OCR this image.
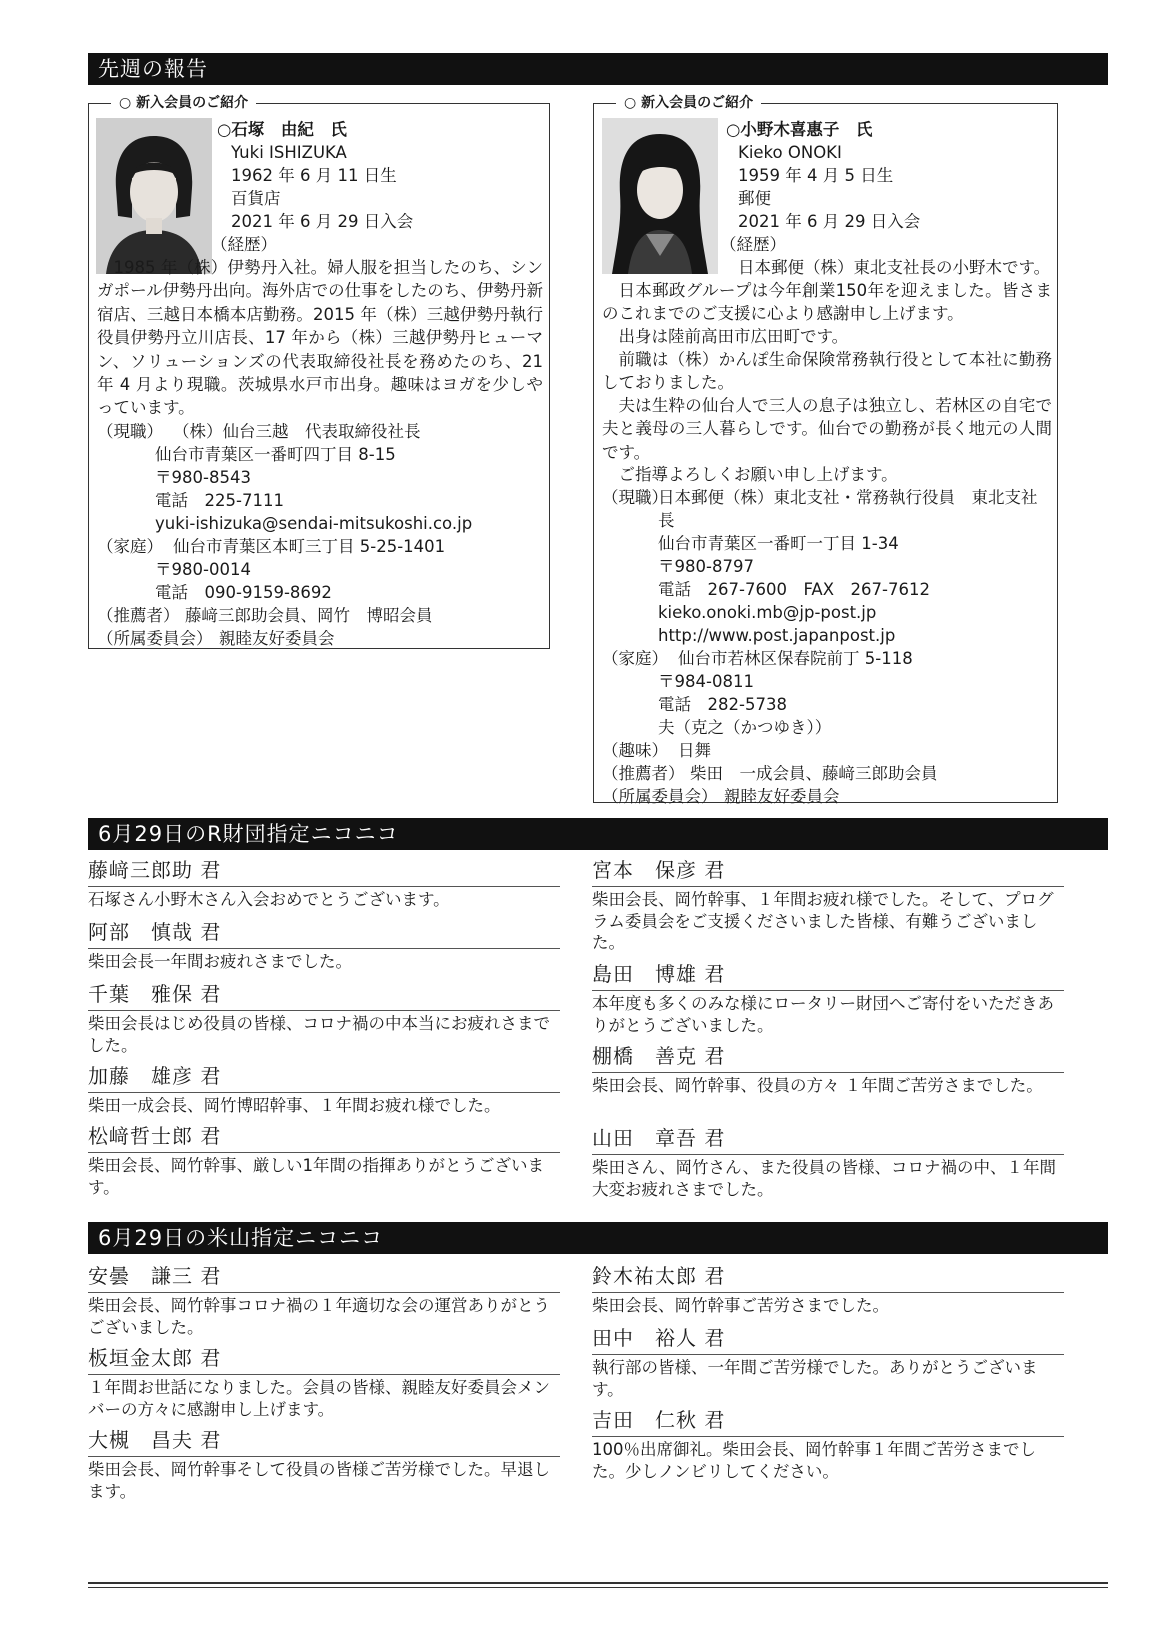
先週の報告
○ 新入会員のご紹介
○石塚　由紀　氏
Yuki ISHIZUKA
1962 年 6 月 11 日生
百貨店
2021 年 6 月 29 日入会
（経歴）
1985 年（株）伊勢丹入社。婦人服を担当したのち、シンガポール伊勢丹出向。海外店での仕事をしたのち、伊勢丹新宿店、三越日本橋本店勤務。2015 年（株）三越伊勢丹執行役員伊勢丹立川店長、17 年から（株）三越伊勢丹ヒューマン、ソリューションズの代表取締役社長を務めたのち、21 年 4 月より現職。茨城県水戸市出身。趣味はヨガを少しやっています。
（現職） （株）仙台三越　代表取締役社長
仙台市青葉区一番町四丁目 8-15
〒980-8543
電話　225-7111
yuki-ishizuka@sendai-mitsukoshi.co.jp
（家庭） 仙台市青葉区本町三丁目 5-25-1401
〒980-0014
電話　090-9159-8692
（推薦者） 藤﨑三郎助会員、岡竹　博昭会員
（所属委員会） 親睦友好委員会
○ 新入会員のご紹介
○小野木喜惠子　氏
Kieko ONOKI
1959 年 4 月 5 日生
郵便
2021 年 6 月 29 日入会
（経歴）
日本郵便（株）東北支社長の小野木です。
日本郵政グループは今年創業150年を迎えました。皆さまのこれまでのご支援に心より感謝申し上げます。
出身は陸前高田市広田町です。
前職は（株）かんぽ生命保険常務執行役として本社に勤務しておりました。
夫は生粋の仙台人で三人の息子は独立し、若林区の自宅で夫と義母の三人暮らしです。仙台での勤務が長く地元の人間です。
ご指導よろしくお願い申し上げます。
（現職）
日本郵便（株）東北支社・常務執行役員　東北支社長
仙台市青葉区一番町一丁目 1-34
〒980-8797
電話　267-7600　FAX　267-7612
kieko.onoki.mb@jp-post.jp
http://www.post.japanpost.jp
（家庭） 仙台市若林区保春院前丁 5-118
〒984-0811
電話　282-5738
夫（克之（かつゆき））
（趣味） 日舞
（推薦者） 柴田　一成会員、藤﨑三郎助会員
（所属委員会） 親睦友好委員会
6月29日のR財団指定ニコニコ
藤﨑三郎助 君
石塚さん小野木さん入会おめでとうございます。
阿部　慎哉 君
柴田会長一年間お疲れさまでした。
千葉　雅保 君
柴田会長はじめ役員の皆様、コロナ禍の中本当にお疲れさまでした。
加藤　雄彦 君
柴田一成会長、岡竹博昭幹事、１年間お疲れ様でした。
松﨑哲士郎 君
柴田会長、岡竹幹事、厳しい1年間の指揮ありがとうございます。
宮本　保彦 君
柴田会長、岡竹幹事、１年間お疲れ様でした。そして、プログラム委員会をご支援くださいました皆様、有難うございました。
島田　博雄 君
本年度も多くのみな様にロータリー財団へご寄付をいただきありがとうございました。
棚橋　善克 君
柴田会長、岡竹幹事、役員の方々 １年間ご苦労さまでした。
山田　章吾 君
柴田さん、岡竹さん、また役員の皆様、コロナ禍の中、１年間大変お疲れさまでした。
6月29日の米山指定ニコニコ
安曇　謙三 君
柴田会長、岡竹幹事コロナ禍の１年適切な会の運営ありがとうございました。
板垣金太郎 君
１年間お世話になりました。会員の皆様、親睦友好委員会メンバーの方々に感謝申し上げます。
大槻　昌夫 君
柴田会長、岡竹幹事そして役員の皆様ご苦労様でした。早退します。
鈴木祐太郎 君
柴田会長、岡竹幹事ご苦労さまでした。
田中　裕人 君
執行部の皆様、一年間ご苦労様でした。ありがとうございます。
吉田　仁秋 君
100％出席御礼。柴田会長、岡竹幹事１年間ご苦労さまでした。少しノンビリしてください。
